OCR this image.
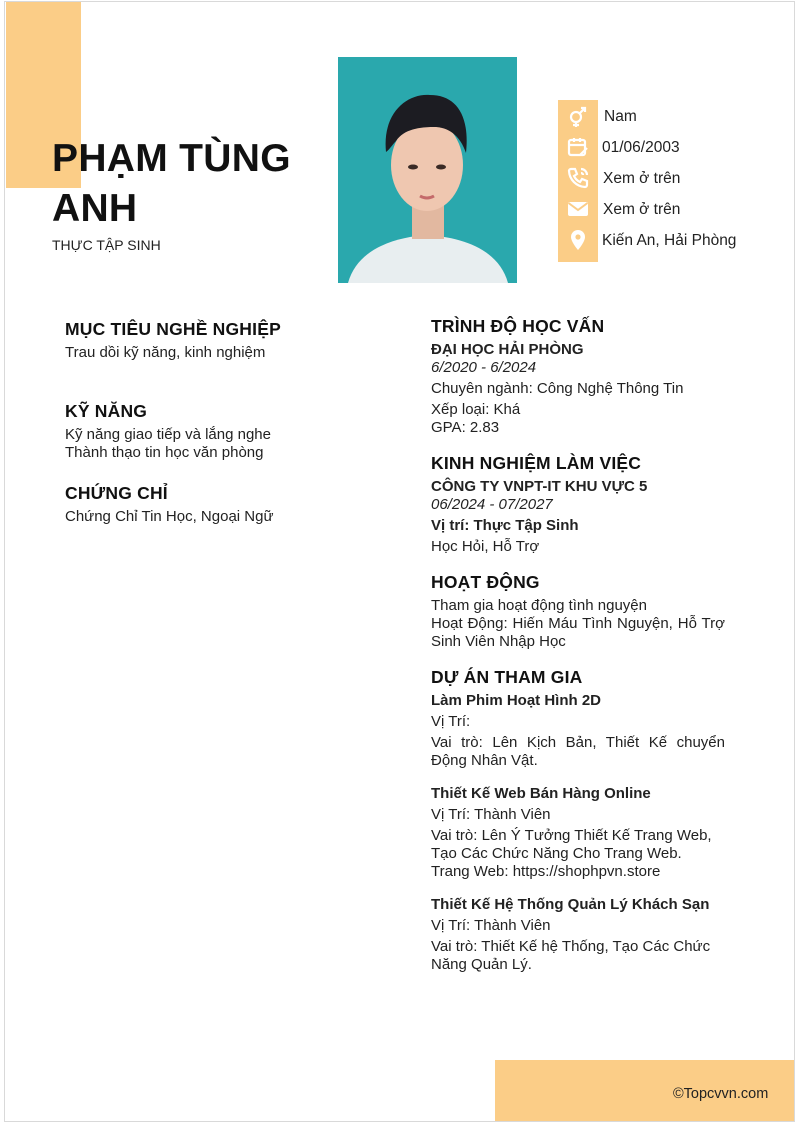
PHẠM TÙNG ANH
THỰC TẬP SINH
Nam
01/06/2003
Xem ở trên
Xem ở trên
Kiến An, Hải Phòng
MỤC TIÊU NGHỀ NGHIỆP
Trau dồi kỹ năng, kinh nghiệm
KỸ NĂNG
Kỹ năng giao tiếp và lắng nghe
Thành thạo tin học văn phòng
CHỨNG CHỈ
Chứng Chỉ Tin Học, Ngoại Ngữ
TRÌNH ĐỘ HỌC VẤN
ĐẠI HỌC HẢI PHÒNG
6/2020 - 6/2024
Chuyên ngành: Công Nghệ Thông Tin
Xếp loại: Khá
GPA: 2.83
KINH NGHIỆM LÀM VIỆC
CÔNG TY VNPT-IT KHU VỰC 5
06/2024 - 07/2027
Vị trí: Thực Tập Sinh
Học Hỏi, Hỗ Trợ
HOẠT ĐỘNG
Tham gia hoạt động tình nguyện
Hoạt Động: Hiến Máu Tình Nguyện, Hỗ Trợ Sinh Viên Nhập Học
DỰ ÁN THAM GIA
Làm Phim Hoạt Hình 2D
Vị Trí:
Vai trò: Lên Kịch Bản, Thiết Kế chuyển Động Nhân Vật.
Thiết Kế Web Bán Hàng Online
Vị Trí: Thành Viên
Vai trò: Lên Ý Tưởng Thiết Kế Trang Web, Tạo Các Chức Năng Cho Trang Web.
Trang Web: https://shophpvn.store
Thiết Kế Hệ Thống Quản Lý Khách Sạn
Vị Trí: Thành Viên
Vai trò: Thiết Kế hệ Thống, Tạo Các Chức Năng Quản Lý.
©Topcvvn.com
